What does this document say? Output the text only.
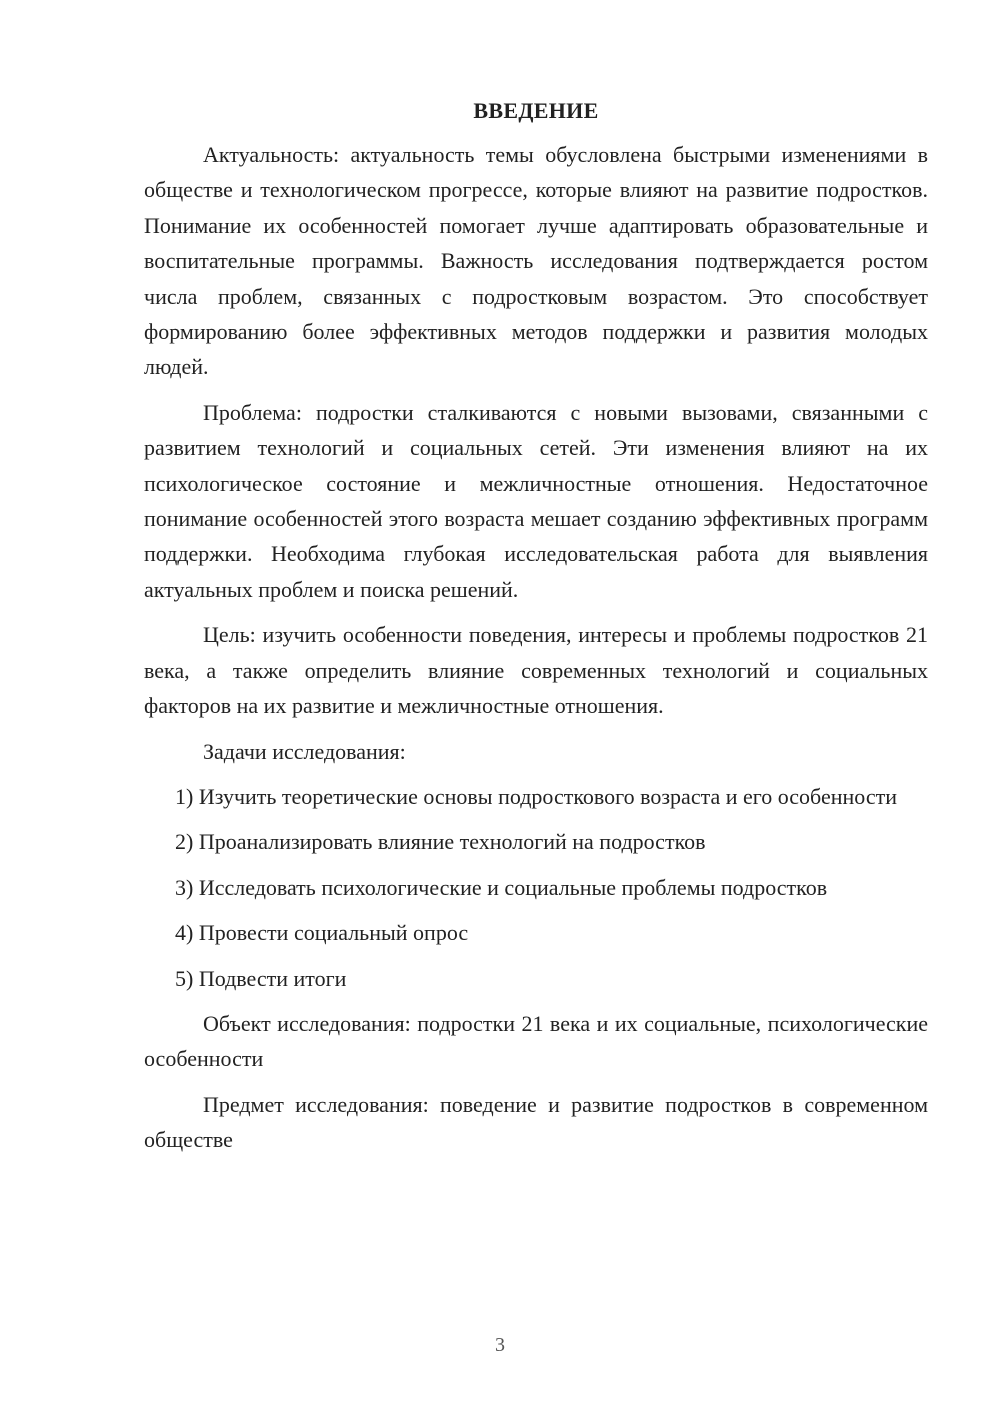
ВВЕДЕНИЕ

Актуальность: актуальность темы обусловлена быстрыми изменениями в обществе и технологическом прогрессе, которые влияют на развитие подростков. Понимание их особенностей помогает лучше адаптировать образовательные и воспитательные программы. Важность исследования подтверждается ростом числа проблем, связанных с подростковым возрастом. Это способствует формированию более эффективных методов поддержки и развития молодых людей.

Проблема: подростки сталкиваются с новыми вызовами, связанными с развитием технологий и социальных сетей. Эти изменения влияют на их психологическое состояние и межличностные отношения. Недостаточное понимание особенностей этого возраста мешает созданию эффективных программ поддержки. Необходима глубокая исследовательская работа для выявления актуальных проблем и поиска решений.

Цель: изучить особенности поведения, интересы и проблемы подростков 21 века, а также определить влияние современных технологий и социальных факторов на их развитие и межличностные отношения.

Задачи исследования:

1) Изучить теоретические основы подросткового возраста и его особенности

2) Проанализировать влияние технологий на подростков

3) Исследовать психологические и социальные проблемы подростков

4) Провести социальный опрос

5) Подвести итоги

Объект исследования: подростки 21 века и их социальные, психологические особенности

Предмет исследования: поведение и развитие подростков в современном обществе

3
